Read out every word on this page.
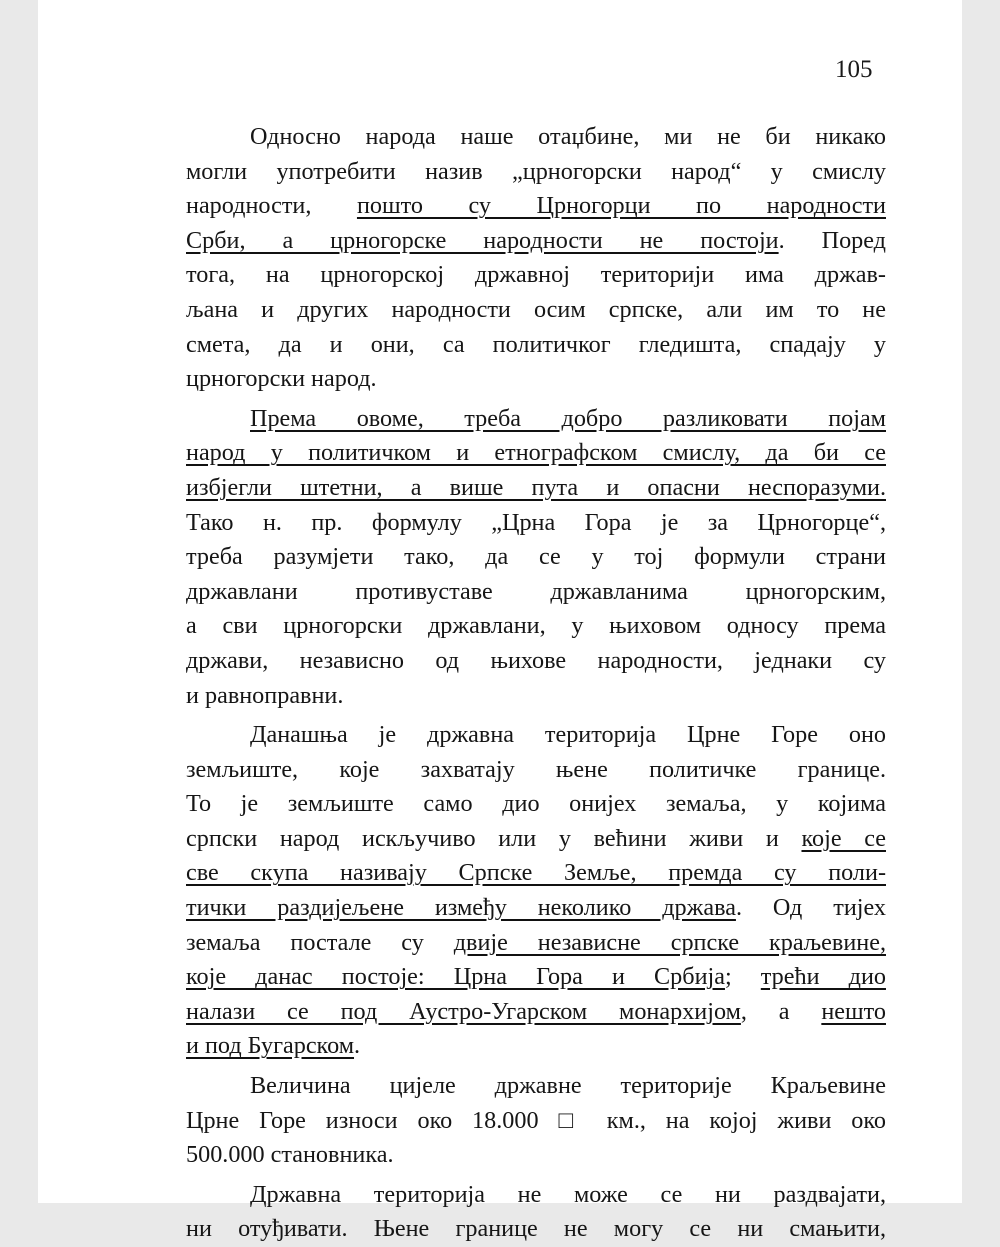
105
Односно народа наше отаџбине, ми не би никако
могли употребити назив „црногорски народ“ у смислу
народности, пошто су Црногорци по народности
Срби, а црногорске народности не постоји. Поред
тога, на црногорској државној територији има држав-
љана и других народности осим српске, али им то не
смета, да и они, са политичког гледишта, спадају у
црногорски народ.
Према овоме, треба добро разликовати појам
народ у политичком и етнографском смислу, да би се
избјегли штетни, а више пута и опасни неспоразуми.
Тако н. пр. формулу „Црна Гора је за Црногорце“,
треба разумјети тако, да се у тој формули страни
државлани противуставе државланима црногорским,
а сви црногорски државлани, у њиховом односу према
држави, независно од њихове народности, једнаки су
и равноправни.
Данашња је државна територија Црне Горе оно
земљиште, које захватају њене политичке границе.
То је земљиште само дио онијех земаља, у којима
српски народ искључиво или у већини живи и које се
све скупа називају Српске Земље, премда су поли-
тички раздијељене између неколико држава. Од тијех
земаља постале су двије независне српске краљевине,
које данас постоје: Црна Гора и Србија; трећи дио
налази се под Аустро-Угарском монархијом, а нешто
и под Бугарском.
Величина цијеле државне територије Краљевине
Црне Горе износи око 18.000 □ км., на којој живи око
500.000 становника.
Државна територија не може се ни раздвајати,
ни отуђивати. Њене границе не могу се ни смањити,
